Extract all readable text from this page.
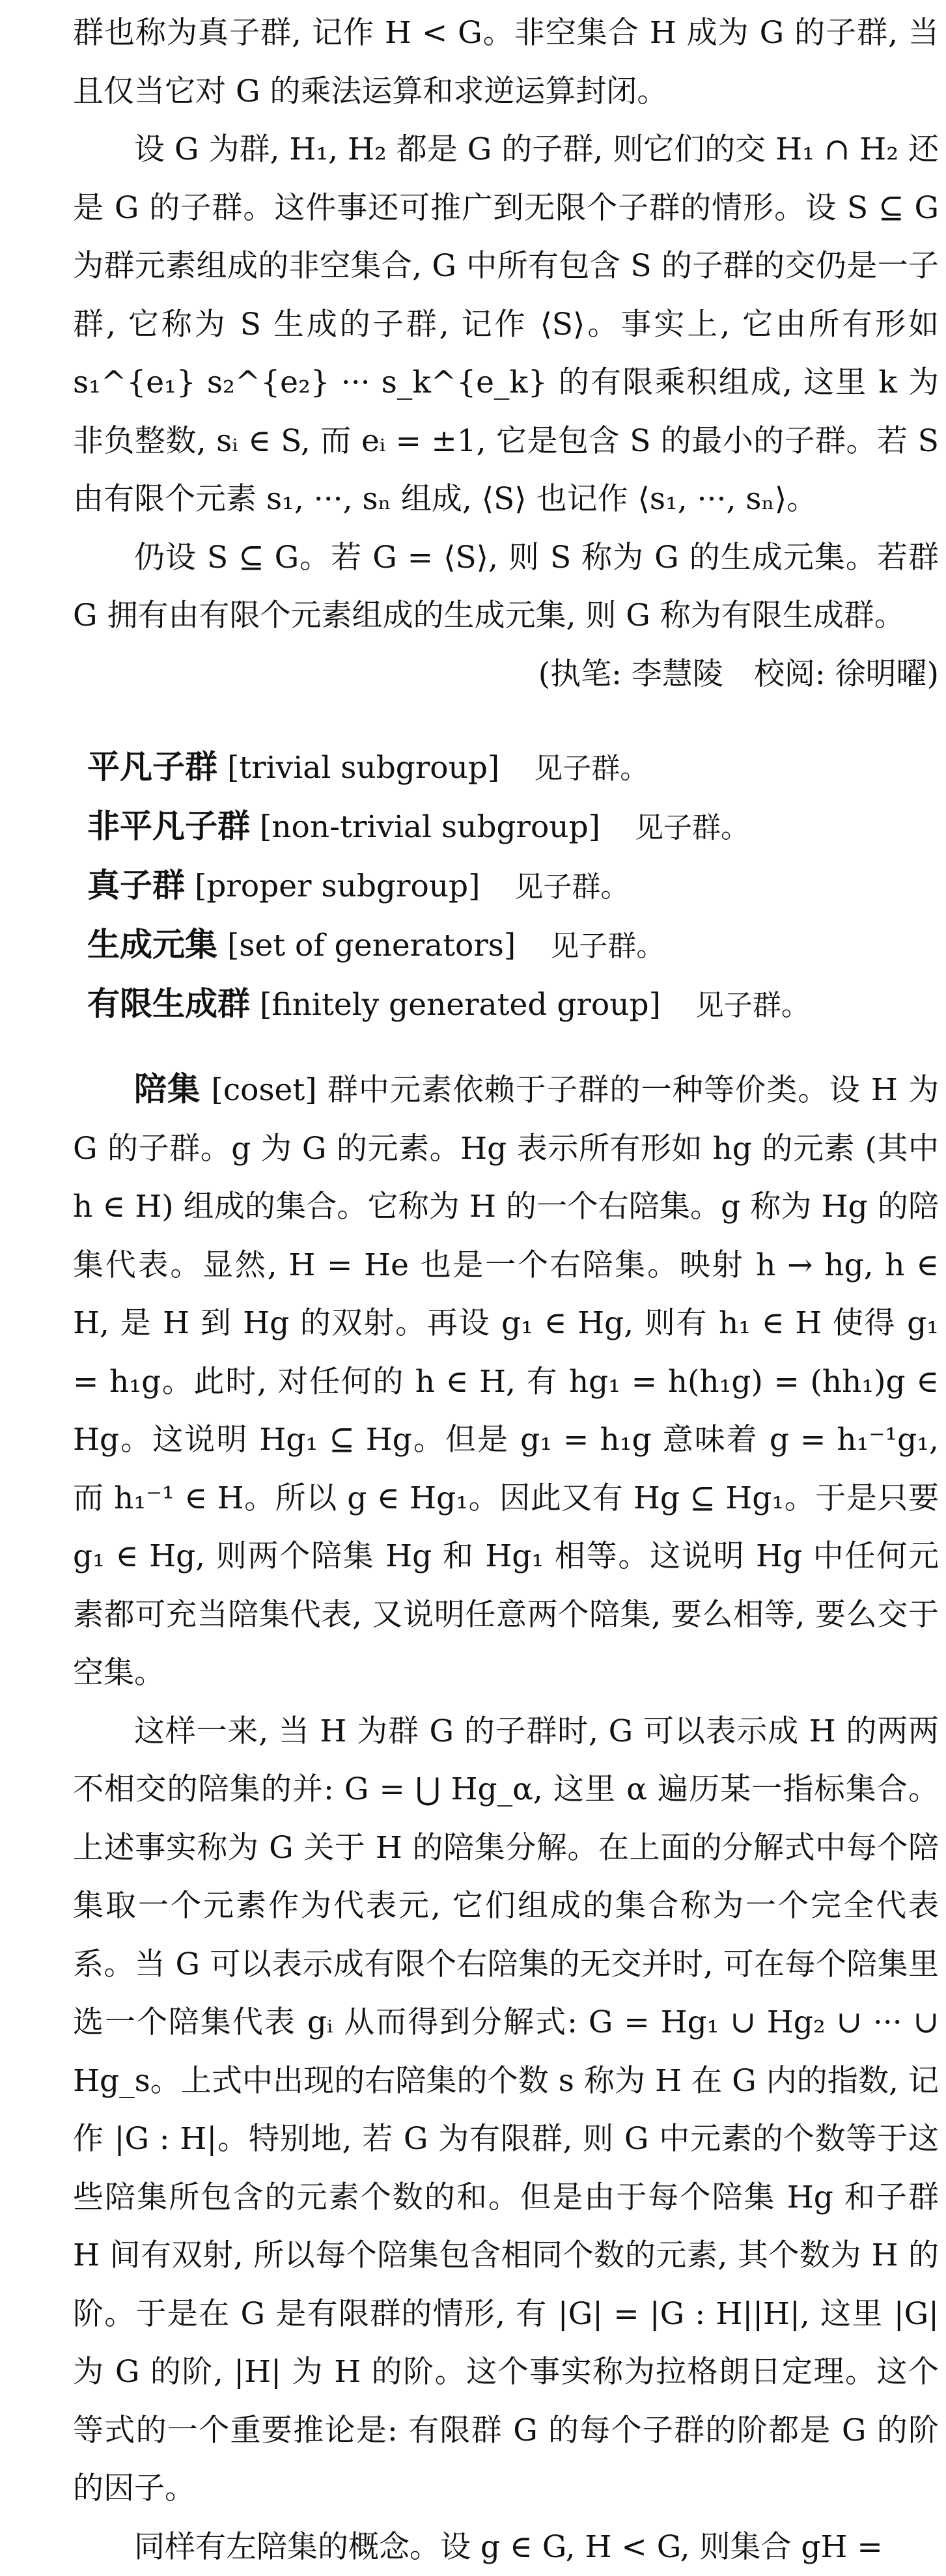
群也称为真子群, 记作 H < G。非空集合 H 成为 G 的子群, 当且仅当它对 G 的乘法运算和求逆运算封闭。

设 G 为群, H₁, H₂ 都是 G 的子群, 则它们的交 H₁ ∩ H₂ 还是 G 的子群。这件事还可推广到无限个子群的情形。设 S ⊆ G 为群元素组成的非空集合, G 中所有包含 S 的子群的交仍是一子群, 它称为 S 生成的子群, 记作 ⟨S⟩。事实上, 它由所有形如 s₁^{e₁} s₂^{e₂} ··· s_k^{e_k} 的有限乘积组成, 这里 k 为非负整数, sᵢ ∈ S, 而 eᵢ = ±1, 它是包含 S 的最小的子群。若 S 由有限个元素 s₁, ···, sₙ 组成, ⟨S⟩ 也记作 ⟨s₁, ···, sₙ⟩。

仍设 S ⊆ G。若 G = ⟨S⟩, 则 S 称为 G 的生成元集。若群 G 拥有由有限个元素组成的生成元集, 则 G 称为有限生成群。

(执笔: 李慧陵　校阅: 徐明曜)

平凡子群 [trivial subgroup] 见子群。
非平凡子群 [non-trivial subgroup] 见子群。
真子群 [proper subgroup] 见子群。
生成元集 [set of generators] 见子群。
有限生成群 [finitely generated group] 见子群。

陪集 [coset] 群中元素依赖于子群的一种等价类。设 H 为 G 的子群。g 为 G 的元素。Hg 表示所有形如 hg 的元素 (其中 h ∈ H) 组成的集合。它称为 H 的一个右陪集。g 称为 Hg 的陪集代表。显然, H = He 也是一个右陪集。映射 h → hg, h ∈ H, 是 H 到 Hg 的双射。再设 g₁ ∈ Hg, 则有 h₁ ∈ H 使得 g₁ = h₁g。此时, 对任何的 h ∈ H, 有 hg₁ = h(h₁g) = (hh₁)g ∈ Hg。这说明 Hg₁ ⊆ Hg。但是 g₁ = h₁g 意味着 g = h₁⁻¹g₁, 而 h₁⁻¹ ∈ H。所以 g ∈ Hg₁。因此又有 Hg ⊆ Hg₁。于是只要 g₁ ∈ Hg, 则两个陪集 Hg 和 Hg₁ 相等。这说明 Hg 中任何元素都可充当陪集代表, 又说明任意两个陪集, 要么相等, 要么交于空集。

这样一来, 当 H 为群 G 的子群时, G 可以表示成 H 的两两不相交的陪集的并: G = ⋃ Hg_α, 这里 α 遍历某一指标集合。上述事实称为 G 关于 H 的陪集分解。在上面的分解式中每个陪集取一个元素作为代表元, 它们组成的集合称为一个完全代表系。当 G 可以表示成有限个右陪集的无交并时, 可在每个陪集里选一个陪集代表 gᵢ 从而得到分解式: G = Hg₁ ∪ Hg₂ ∪ ··· ∪ Hg_s。上式中出现的右陪集的个数 s 称为 H 在 G 内的指数, 记作 |G : H|。特别地, 若 G 为有限群, 则 G 中元素的个数等于这些陪集所包含的元素个数的和。但是由于每个陪集 Hg 和子群 H 间有双射, 所以每个陪集包含相同个数的元素, 其个数为 H 的阶。于是在 G 是有限群的情形, 有 |G| = |G : H||H|, 这里 |G| 为 G 的阶, |H| 为 H 的阶。这个事实称为拉格朗日定理。这个等式的一个重要推论是: 有限群 G 的每个子群的阶都是 G 的阶的因子。

同样有左陪集的概念。设 g ∈ G, H < G, 则集合 gH =
